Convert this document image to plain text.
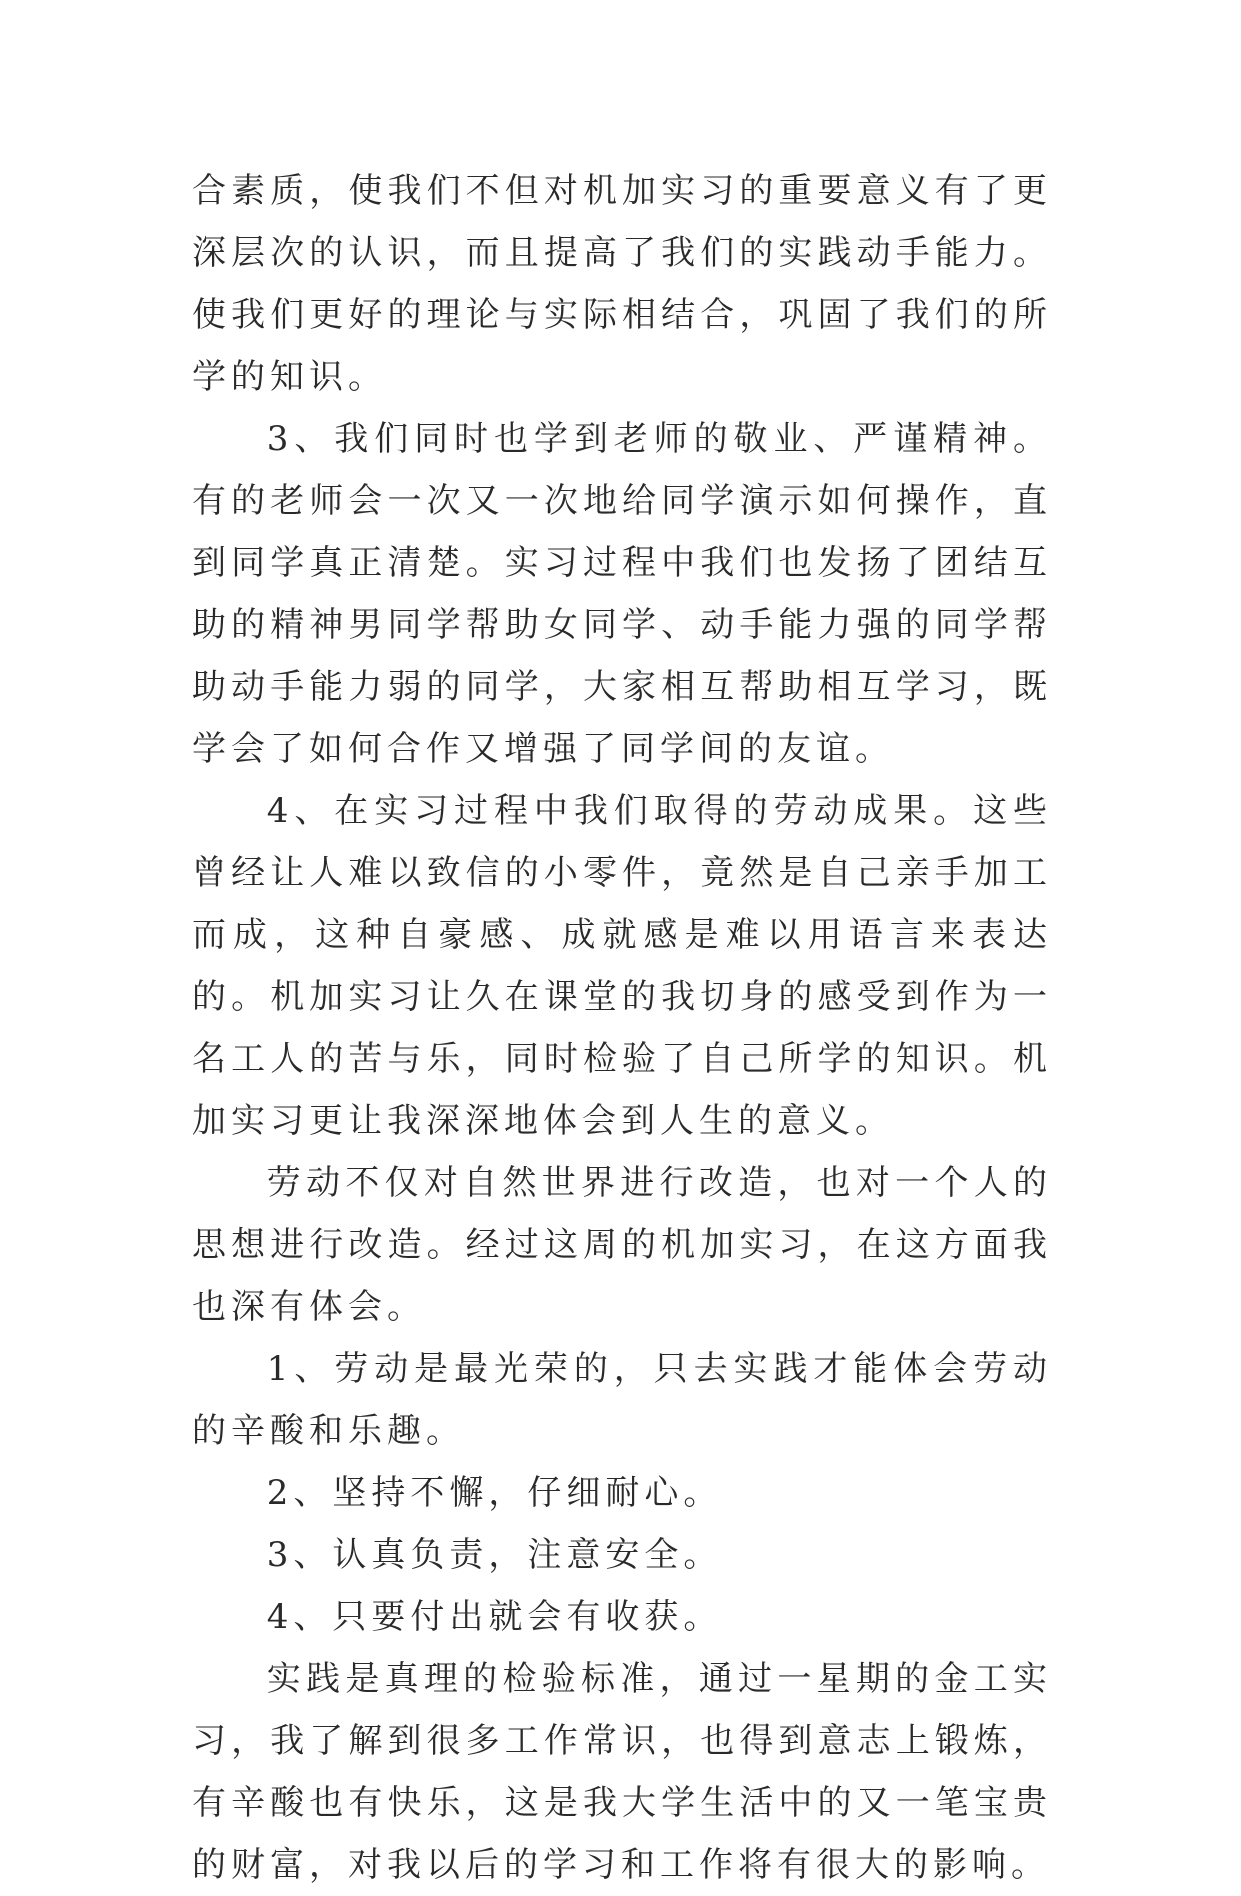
合素质，使我们不但对机加实习的重要意义有了更深层次的认识，而且提高了我们的实践动手能力。使我们更好的理论与实际相结合，巩固了我们的所学的知识。

3、我们同时也学到老师的敬业、严谨精神。有的老师会一次又一次地给同学演示如何操作，直到同学真正清楚。实习过程中我们也发扬了团结互助的精神男同学帮助女同学、动手能力强的同学帮助动手能力弱的同学，大家相互帮助相互学习，既学会了如何合作又增强了同学间的友谊。

4、在实习过程中我们取得的劳动成果。这些曾经让人难以致信的小零件，竟然是自己亲手加工而成，这种自豪感、成就感是难以用语言来表达的。机加实习让久在课堂的我切身的感受到作为一名工人的苦与乐，同时检验了自己所学的知识。机加实习更让我深深地体会到人生的意义。

劳动不仅对自然世界进行改造，也对一个人的思想进行改造。经过这周的机加实习，在这方面我也深有体会。

1、劳动是最光荣的，只去实践才能体会劳动的辛酸和乐趣。

2、坚持不懈，仔细耐心。

3、认真负责，注意安全。

4、只要付出就会有收获。

实践是真理的检验标准，通过一星期的金工实习，我了解到很多工作常识，也得到意志上锻炼，有辛酸也有快乐，这是我大学生活中的又一笔宝贵的财富，对我以后的学习和工作将有很大的影响。
